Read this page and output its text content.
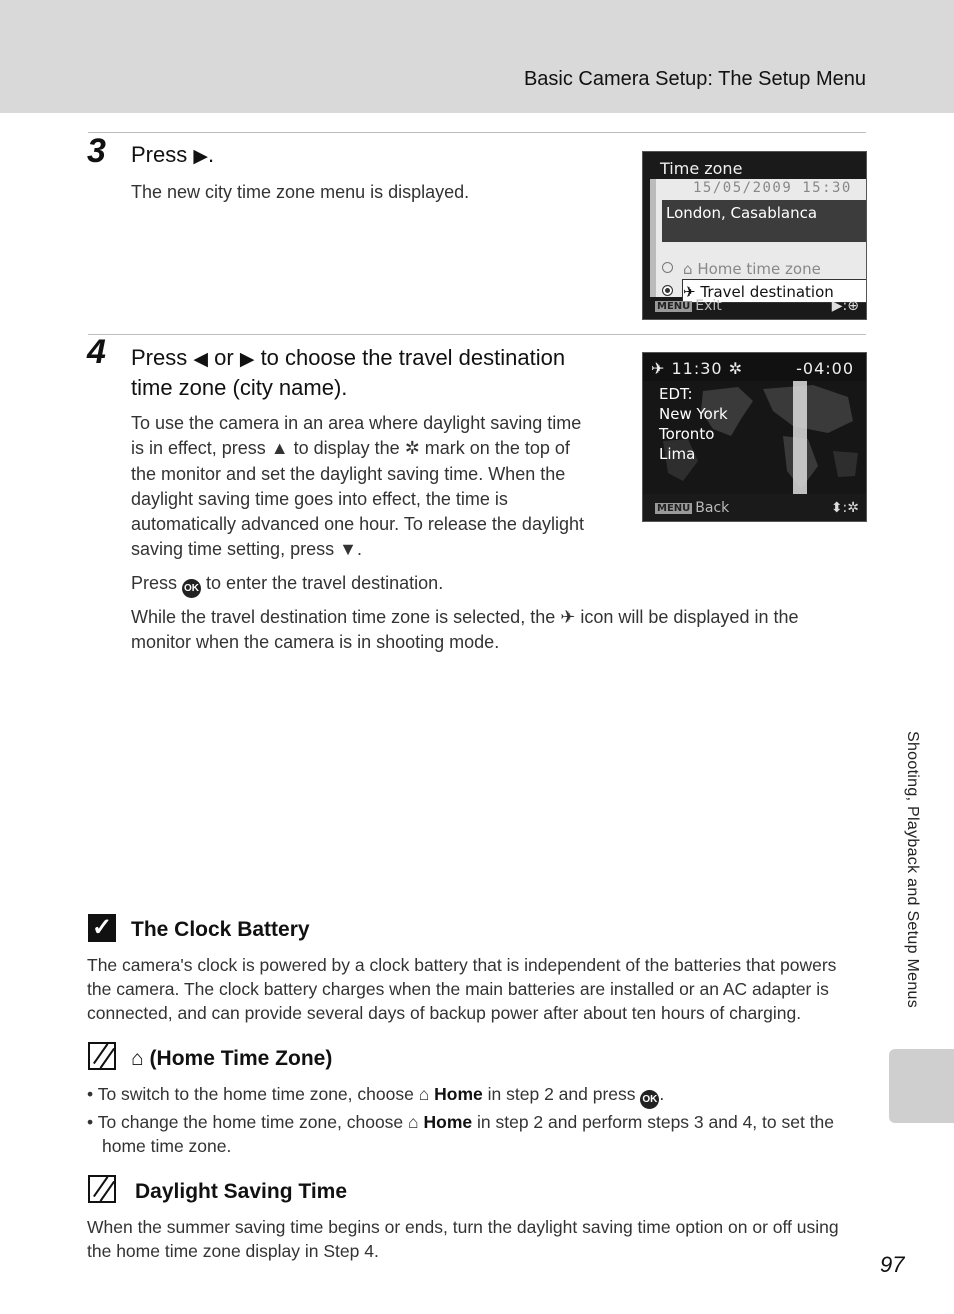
Basic Camera Setup: The Setup Menu
3 Press ▶.
The new city time zone menu is displayed.
Time zone
15/05/2009 15:30
London, Casablanca
⌂ Home time zone
✈ Travel destination
MENU Exit	▶:⊕
4 Press ◀ or ▶ to choose the travel destination
time zone (city name).
To use the camera in an area where daylight saving time
is in effect, press ▲ to display the ✲ mark on the top of
the monitor and set the daylight saving time. When the
daylight saving time goes into effect, the time is
automatically advanced one hour. To release the daylight
saving time setting, press ▼.
Press OK to enter the travel destination.
While the travel destination time zone is selected, the ✈ icon will be displayed in the
monitor when the camera is in shooting mode.
✈ 11:30 ✲	-04:00
EDT:
New York
Toronto
Lima
MENU Back	⬍:✲
✓ The Clock Battery
The camera's clock is powered by a clock battery that is independent of the batteries that powers
the camera. The clock battery charges when the main batteries are installed or an AC adapter is
connected, and can provide several days of backup power after about ten hours of charging.
⌂ (Home Time Zone)
• To switch to the home time zone, choose ⌂ Home in step 2 and press OK .
• To change the home time zone, choose ⌂ Home in step 2 and perform steps 3 and 4, to set the
home time zone.
Daylight Saving Time
When the summer saving time begins or ends, turn the daylight saving time option on or off using
the home time zone display in Step 4.
Shooting, Playback and Setup Menus
97
